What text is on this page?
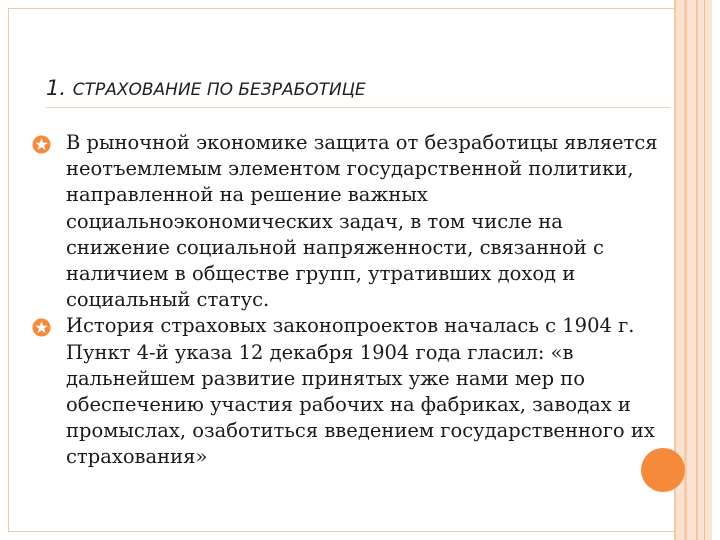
1. СТРАХОВАНИЕ ПО БЕЗРАБОТИЦЕ
В рыночной экономике защита от безработицы является неотъемлемым элементом государственной политики, направленной на решение важных социальноэкономических задач, в том числе на снижение социальной напряженности, связанной с наличием в обществе групп, утративших доход и социальный статус.
История страховых законопроектов началась с 1904 г. Пункт 4-й указа 12 декабря 1904 года гласил: «в дальнейшем развитие принятых уже нами мер по обеспечению участия рабочих на фабриках, заводах и промыслах, озаботиться введением государственного их страхования»
